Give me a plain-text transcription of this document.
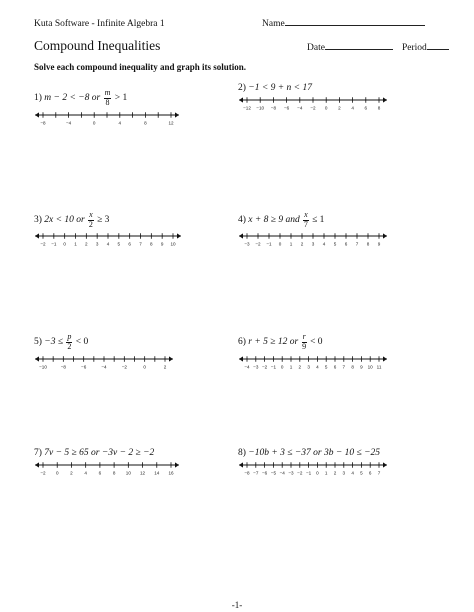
Kuta Software - Infinite Algebra 1	Name
Compound Inequalities	Date	Period
Solve each compound inequality and graph its solution.
1) m − 2 < −8 or $\frac{m}{8} > 1$
−8	−4	0	4	8	12
2) −1 < 9 + n < 17
−12 −10 −8 −6 −4 −2 0 2 4 6 8
3) 2x < 10 or $\frac{x}{2} \ge 3$
−2 −1 0 1 2 3 4 5 6 7 8 9 10
4) x + 8 ≥ 9 and $\frac{x}{7} \le 1$
−3 −2 −1 0 1 2 3 4 5 6 7 8 9
$5) -3 \le \frac{p}{2} < 0$
−10	−8	−6	−4	−2	0	2
6) r + 5 ≥ 12 or $\frac{r}{9} < 0$
−4 −3 −2 −1 0 1 2 3 4 5 6 7 8 9 10 11
7) 7v − 5 ≥ 65 or −3v − 2 ≥ −2
−2 0	2	4	6	8 10 12 14 16
8) −10b + 3 ≤ −37 or 3b − 10 ≤ −25
−8 −7 −6 −5 −4 −3 −2 −1 0 1 2 3 4 5 6 7
-1-
